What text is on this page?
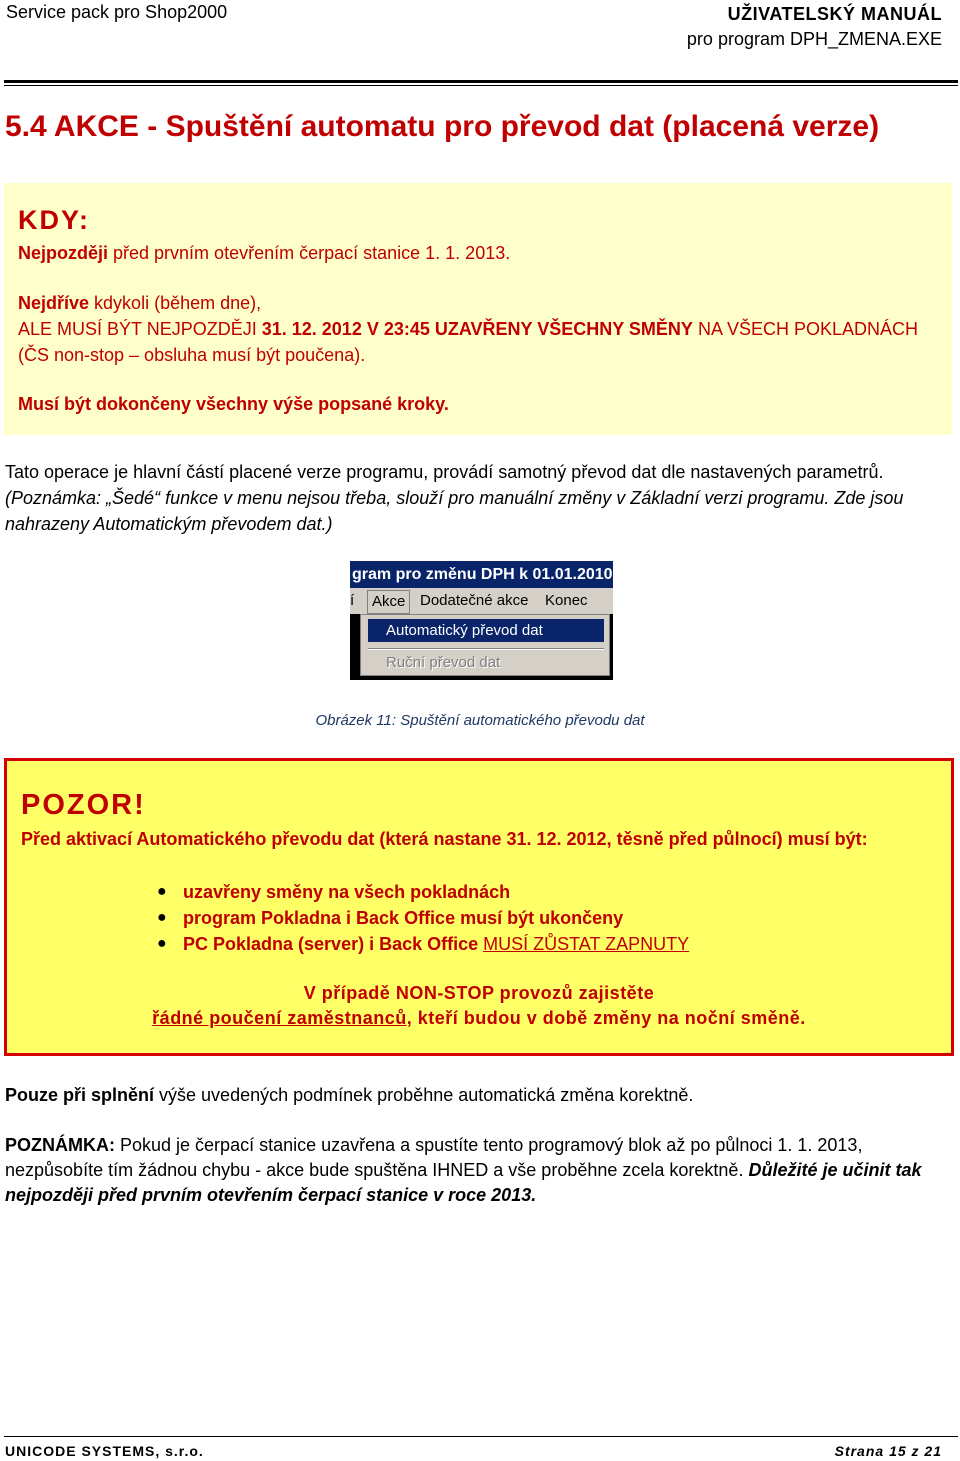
Service pack pro Shop2000	UŽIVATELSKÝ MANUÁL
pro program DPH_ZMENA.EXE
5.4 AKCE - Spuštění automatu pro převod dat (placená verze)
KDY:
Nejpozději před prvním otevřením čerpací stanice 1. 1. 2013.
Nejdříve kdykoli (během dne),
ALE MUSÍ BÝT NEJPOZDĚJI 31. 12. 2012 V 23:45 UZAVŘENY VŠECHNY SMĚNY NA VŠECH POKLADNÁCH
(ČS non-stop – obsluha musí být poučena).
Musí být dokončeny všechny výše popsané kroky.
Tato operace je hlavní částí placené verze programu, provádí samotný převod dat dle nastavených parametrů.
(Poznámka: „Šedé“ funkce v menu nejsou třeba, slouží pro manuální změny v Základní verzi programu. Zde jsou
nahrazeny Automatickým převodem dat.)
gram pro změnu DPH k 01.01.2010
í	Akce Dodatečné akce Konec
Automatický převod dat
Ruční převod dat
Obrázek 11: Spuštění automatického převodu dat
POZOR!
Před aktivací Automatického převodu dat (která nastane 31. 12. 2012, těsně před půlnocí) musí být:
● uzavřeny směny na všech pokladnách
● program Pokladna i Back Office musí být ukončeny
● PC Pokladna (server) i Back Office MUSÍ ZŮSTAT ZAPNUTY
V případě NON-STOP provozů zajistěte
řádné poučení zaměstnanců, kteří budou v době změny na noční směně.
Pouze při splnění výše uvedených podmínek proběhne automatická změna korektně.
POZNÁMKA: Pokud je čerpací stanice uzavřena a spustíte tento programový blok až po půlnoci 1. 1. 2013,
nezpůsobíte tím žádnou chybu - akce bude spuštěna IHNED a vše proběhne zcela korektně. Důležité je učinit tak
nejpozději před prvním otevřením čerpací stanice v roce 2013.
UNICODE SYSTEMS, s.r.o.	Strana 15 z 21
